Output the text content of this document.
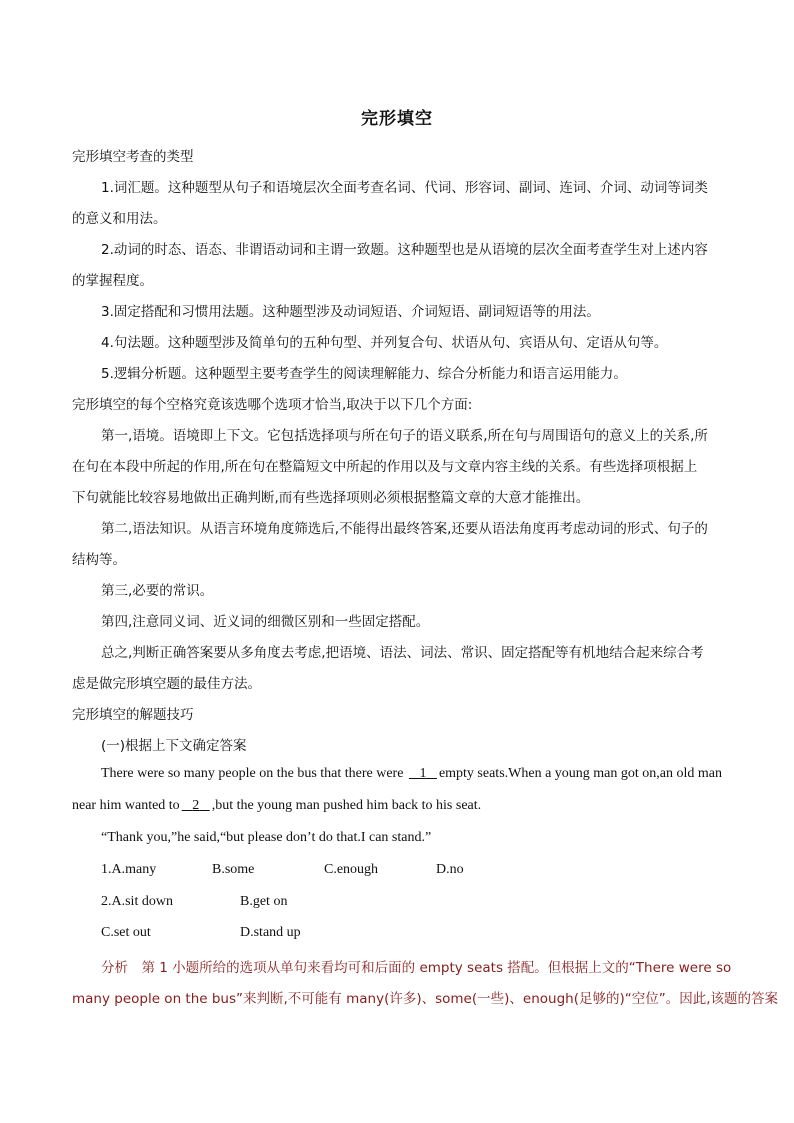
完形填空
完形填空考查的类型
1.词汇题。这种题型从句子和语境层次全面考查名词、代词、形容词、副词、连词、介词、动词等词类
的意义和用法。
2.动词的时态、语态、非谓语动词和主谓一致题。这种题型也是从语境的层次全面考查学生对上述内容
的掌握程度。
3.固定搭配和习惯用法题。这种题型涉及动词短语、介词短语、副词短语等的用法。
4.句法题。这种题型涉及简单句的五种句型、并列复合句、状语从句、宾语从句、定语从句等。
5.逻辑分析题。这种题型主要考查学生的阅读理解能力、综合分析能力和语言运用能力。
完形填空的每个空格究竟该选哪个选项才恰当,取决于以下几个方面:
第一,语境。语境即上下文。它包括选择项与所在句子的语义联系,所在句与周围语句的意义上的关系,所
在句在本段中所起的作用,所在句在整篇短文中所起的作用以及与文章内容主线的关系。有些选择项根据上
下句就能比较容易地做出正确判断,而有些选择项则必须根据整篇文章的大意才能推出。
第二,语法知识。从语言环境角度筛选后,不能得出最终答案,还要从语法角度再考虑动词的形式、句子的
结构等。
第三,必要的常识。
第四,注意同义词、近义词的细微区别和一些固定搭配。
总之,判断正确答案要从多角度去考虑,把语境、语法、词法、常识、固定搭配等有机地结合起来综合考
虑是做完形填空题的最佳方法。
完形填空的解题技巧
(一)根据上下文确定答案
There were so many people on the bus that there were 1 empty seats.When a young man got on,an old man
near him wanted to 2 ,but the young man pushed him back to his seat.
“Thank you,”he said,“but please don’t do that.I can stand.”
1.A.many	B.some	C.enough	D.no
2.A.sit down	B.get on
C.set out	D.stand up
分析　第 1 小题所给的选项从单句来看均可和后面的 empty seats 搭配。但根据上文的“There were so
many people on the bus”来判断,不可能有 many(许多)、some(一些)、enough(足够的)“空位”。因此,该题的答案
